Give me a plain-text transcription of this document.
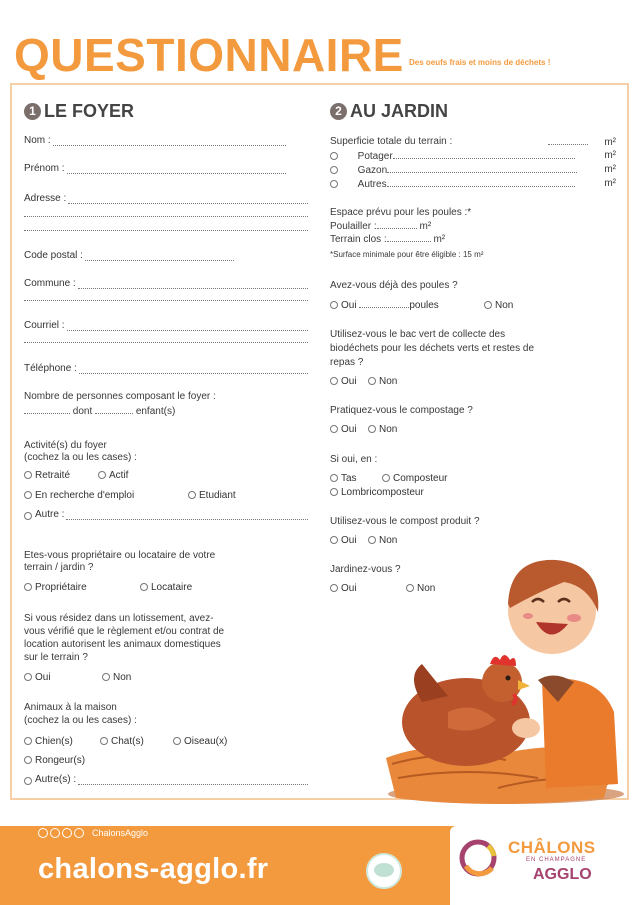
QUESTIONNAIRE Des oeufs frais et moins de déchets !
1 LE FOYER
Nom :
Prénom :
Adresse :
Code postal :
Commune :
Courriel :
Téléphone :
Nombre de personnes composant le foyer :
dont	enfant(s)
Activité(s) du foyer
(cochez la ou les cases) :
Retraité	Actif
En recherche d'emploi	Etudiant
Autre :
Etes-vous propriétaire ou locataire de votre
terrain / jardin ?
Propriétaire	Locataire
Si vous résidez dans un lotissement, avez-
vous vérifié que le règlement et/ou contrat de
location autorisent les animaux domestiques
sur le terrain ?
Oui	Non
Animaux à la maison
(cochez la ou les cases) :
Chien(s)	Chat(s)	Oiseau(x)
Rongeur(s)
Autre(s) :
2 AU JARDIN
Superficie totale du terrain :	m²
Potager	m²
Gazon	m²
Autres	m²
Espace prévu pour les poules :*
Poulailler :	m²
Terrain clos :	m²
*Surface minimale pour être éligible : 15 m²
Avez-vous déjà des poules ?
Oui	poules	Non
Utilisez-vous le bac vert de collecte des
biodéchets pour les déchets verts et restes de
repas ?
Oui Non
Pratiquez-vous le compostage ?
Oui Non
Si oui, en :
Tas	Composteur
Lombricomposteur
Utilisez-vous le compost produit ?
Oui Non
Jardinez-vous ?
Oui	Non
ChalonsAgglo
chalons-agglo.fr
CHÂLONS
EN CHAMPAGNE
AGGLO
